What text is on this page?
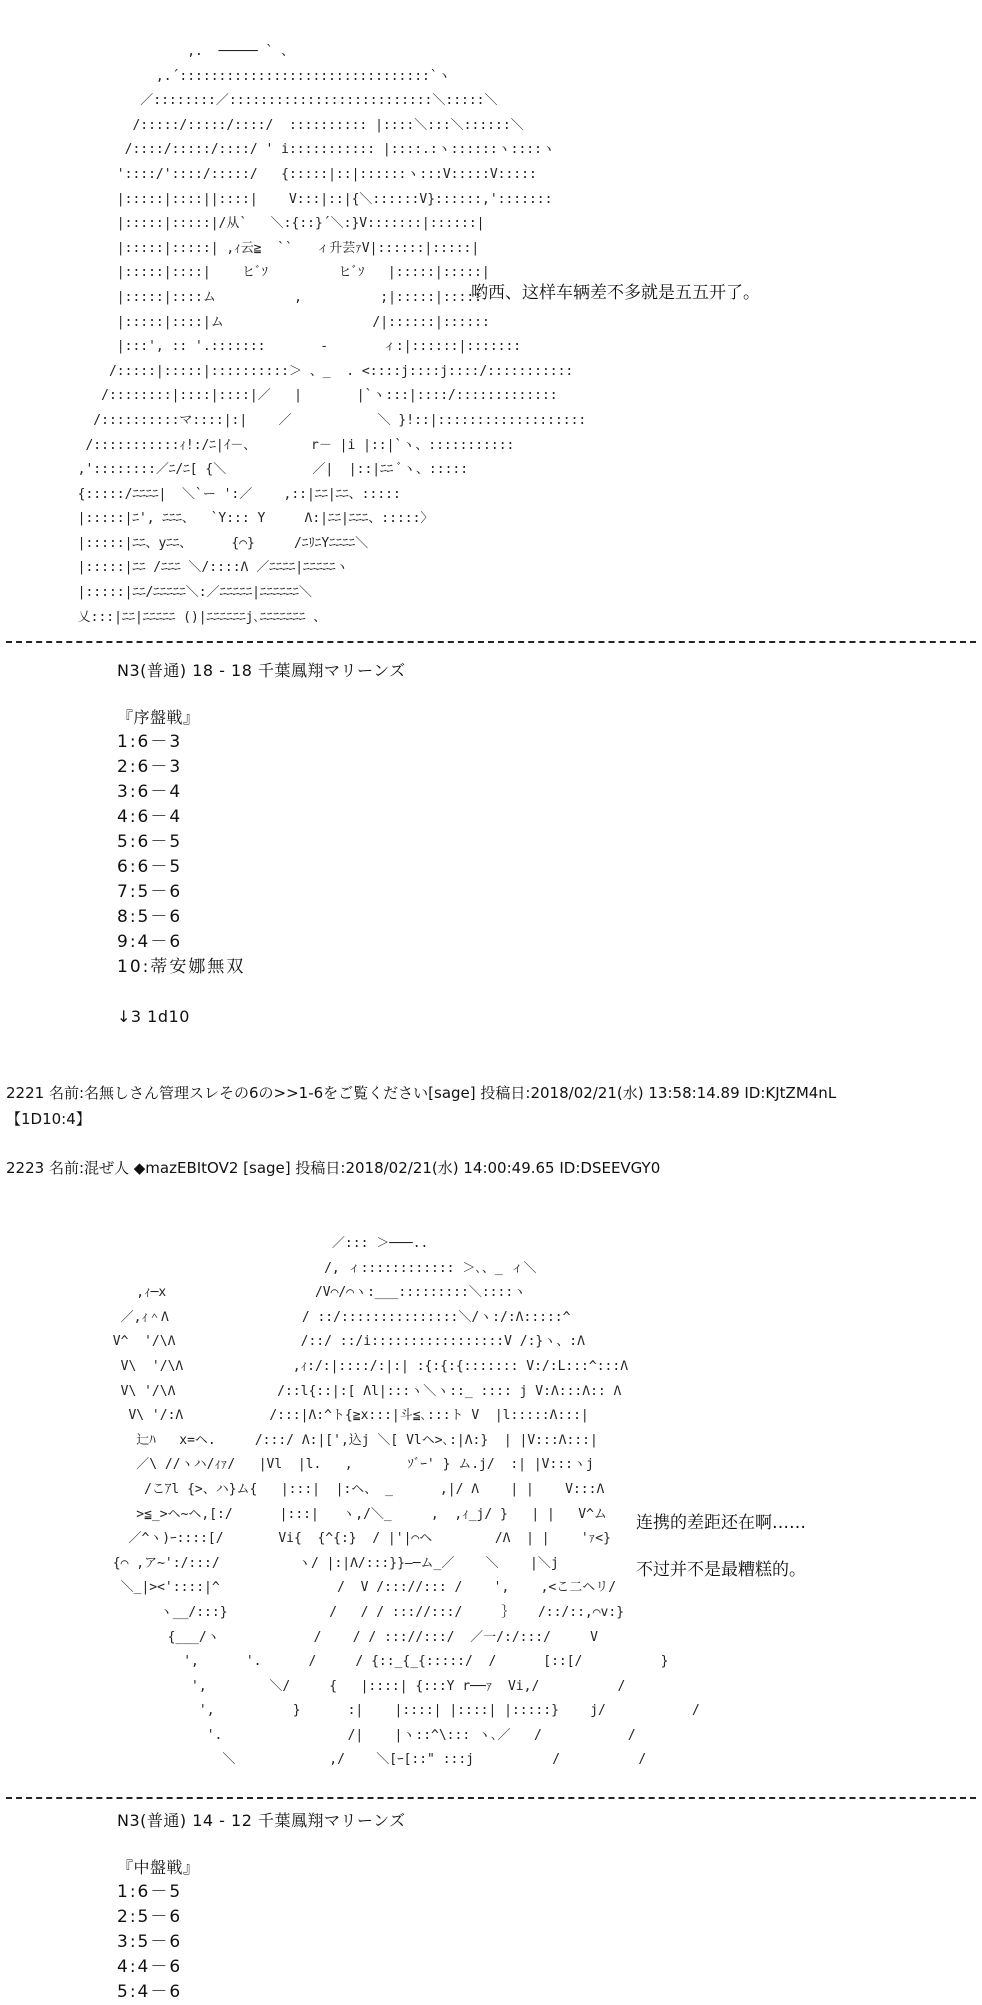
,.  ───── ` 、
,.´::::::::::::::::::::::::::::::::`ヽ
／::::::::／::::::::::::::::::::::::::＼:::::＼
/:::::/:::::/::::/  :::::::::: |::::＼:::＼::::::＼
/::::/:::::/::::/ ' i::::::::::: |::::.:ヽ::::::ヽ::::ヽ
'::::/'::::/:::::/   {:::::|::|::::::ヽ:::V:::::V:::::
|:::::|::::||::::|    V:::|::|{＼::::::V}::::::,':::::::
|:::::|:::::|/从`   ＼:{::}´＼:}V:::::::|::::::|
|:::::|:::::| ,ｨ云≧  ``   ィ升芸ｧV|::::::|:::::|
|:::::|::::|    ヒﾞｿ         ヒﾞｿ   |:::::|:::::|
|:::::|::::ム          ,          ;|:::::|:::::
|:::::|::::|ム                   /|::::::|::::::
|:::', :: '.:::::::       -       ィ:|::::::|:::::::
/:::::|:::::|::::::::::＞ 、_  . <::::j::::j::::/:::::::::::
/::::::::|::::|::::|／   |       |`ヽ:::|::::/:::::::::::::
/::::::::::マ::::|:|    ／           ＼ }!::|:::::::::::::::::::
/:::::::::::ｨ!:/ﾆ|ｲ－、       r－ |i |::|`ヽ、:::::::::::
,'::::::::／ﾆ/ﾆ[ {＼           ／|  |::|ﾆﾆ ﾞヽ、:::::
{:::::/ﾆﾆﾆﾆ|  ＼`ー ':／    ,::|ﾆﾆ|ﾆﾆ、:::::
|:::::|ﾆ', ﾆﾆﾆ、  `Y::: Y     Λ:|ﾆﾆ|ﾆﾆﾆ、:::::〉
|:::::|ﾆﾆ、yﾆﾆ、     {⌒}     /ﾆﾘﾆYﾆﾆﾆﾆ＼
|:::::|ﾆﾆ /ﾆﾆﾆ ＼/::::Λ ／ﾆﾆﾆﾆ|ﾆﾆﾆﾆﾆヽ
|:::::|ﾆﾆ/ﾆﾆﾆﾆﾆ＼:／ﾆﾆﾆﾆﾆ|ﾆﾆﾆﾆﾆﾆ＼
乂:::|ﾆﾆ|ﾆﾆﾆﾆﾆ ()|ﾆﾆﾆﾆﾆﾆj､ﾆﾆﾆﾆﾆﾆﾆ 、
哟西、这样车辆差不多就是五五开了。
N3(普通) 18 - 18 千葉鳳翔マリーンズ
『序盤戦』
1:6－3
2:6－3
3:6－4
4:6－4
5:6－5
6:6－5
7:5－6
8:5－6
9:4－6
10:蒂安娜無双
↓3 1d10
2221 名前:名無しさん管理スレその6の>>1-6をご覧ください[sage] 投稿日:2018/02/21(水) 13:58:14.89 ID:KJtZM4nL
【1D10:4】
2223 名前:混ぜ人 ◆mazEBItOV2 [sage] 投稿日:2018/02/21(水) 14:00:49.65 ID:DSEEVGY0
／::: ＞───..
/, ィ:::::::::::: ＞､、_ ィ＼
,ｨ─x                   /V⌒/⌒ヽ:___:::::::::＼::::ヽ
／,ｨ＾Λ                 / ::/:::::::::::::::＼/ヽ:/:Λ:::::^
V^  '/\Λ                /::/ ::/i:::::::::::::::::V /:}ヽ、:Λ
V\  '/\Λ              ,ｨ:/:|::::/:|:| :{:{:{::::::: V:/:L:::^:::Λ
V\ '/\Λ             /::l{::|:[ Λl|:::ヽ＼ヽ::_ :::: j V:Λ:::Λ:: Λ
V\ '/:Λ           /:::|Λ:^ト{≧x:::|斗≦､:::ト V  |l:::::Λ:::|
辷ﾊ   x=ヘ.     /:::/ Λ:|[',込j ＼[ Vlヘ>､:|Λ:}  | |V:::Λ:::|
／\ //ヽハ/ｨｧ/   |Vl  |l.   ,       ｿﾞｰ' } ム.j/  :| |V:::ヽj
/こｱl {>、ハ}ム{   |:::|  |:ヘ、 _      ,|/ Λ    | |    V:::Λ
>≦_>ヘ~ヘ,[:/      |:::|   ヽ,/＼_     ,  ,ｨ_j/ }   | |   V^ム
／^ヽ)ｰ::::[/       Vi{  {^{:}  / |'|⌒ヘ        /Λ  | |    'ｧ<}
{⌒ ,ア~':/:::/          ヽ/ |:|Λ/:::}}―─ム_／    ＼    |＼j
＼_|><'::::|^               /  V /::://::: /    ',    ,<こ二ヘリ/
ヽ__/:::}             /   / / ::://:::/     ｝   /::/::,⌒v:}
{___/ヽ            /    / / ::://:::/  ／一/:/:::/     V
',      '.      /     / {::_{_{:::::/  /      [::[/          }
',        ＼/     {   |::::| {:::Y r──ｧ  Vi,/          /
',          }      :|    |::::| |::::| |:::::}    j/           /
'.                /|    |ヽ::^\::: ヽ､／   /           /
＼            ,/    ＼[ｰ[::" :::j          /          /
连携的差距还在啊……
不过并不是最糟糕的。
N3(普通) 14 - 12 千葉鳳翔マリーンズ
『中盤戦』
1:6－5
2:5－6
3:5－6
4:4－6
5:4－6
